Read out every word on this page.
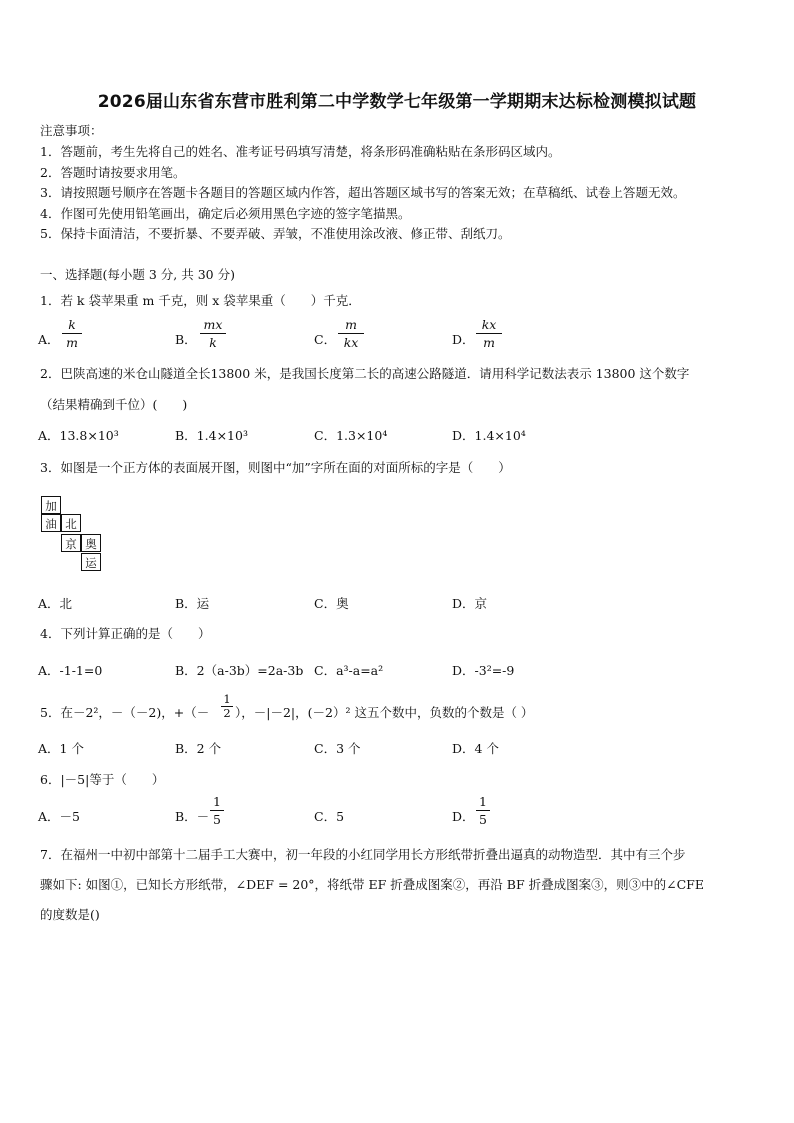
2026届山东省东营市胜利第二中学数学七年级第一学期期末达标检测模拟试题
注意事项：
1．答题前，考生先将自己的姓名、准考证号码填写清楚，将条形码准确粘贴在条形码区域内。
2．答题时请按要求用笔。
3．请按照题号顺序在答题卡各题目的答题区域内作答，超出答题区域书写的答案无效；在草稿纸、试卷上答题无效。
4．作图可先使用铅笔画出，确定后必须用黑色字迹的签字笔描黑。
5．保持卡面清洁，不要折暴、不要弄破、弄皱，不准使用涂改液、修正带、刮纸刀。
一、选择题(每小题 3 分, 共 30 分)
1．若 k 袋苹果重 m 千克，则 x 袋苹果重（　　）千克．
A．
k
m	B．
mx
k	C．
m
kx	D．
kx
m
2．巴陕高速的米仓山隧道全长13800 米，是我国长度第二长的高速公路隧道．请用科学记数法表示 13800 这个数字
（结果精确到千位）(　　)
A．13.8×10³	B．1.4×10³	C．1.3×10⁴	D．1.4×10⁴
3．如图是一个正方体的表面展开图，则图中“加”字所在面的对面所标的字是（　　）
加
油 北
京 奥
运
A．北	B．运	C．奥	D．京
4．下列计算正确的是（　　）
A．-1-1=0	B．2（a-3b）=2a-3b C．a³-a=a²	D．-3²=-9
5．在－2²，－（－2)，+（－
1
2 ），－|－2|，(－2）² 这五个数中，负数的个数是（ ）
A．1 个	B．2 个	C．3 个	D．4 个
6．|－5|等于（　　）
A．－5	B．－
1
5	C．5	D．
1
5
7．在福州一中初中部第十二届手工大赛中，初一年段的小红同学用长方形纸带折叠出逼真的动物造型．其中有三个步
骤如下: 如图①，已知长方形纸带，∠DEF = 20°，将纸带 EF 折叠成图案②，再沿 BF 折叠成图案③，则③中的∠CFE
的度数是()
